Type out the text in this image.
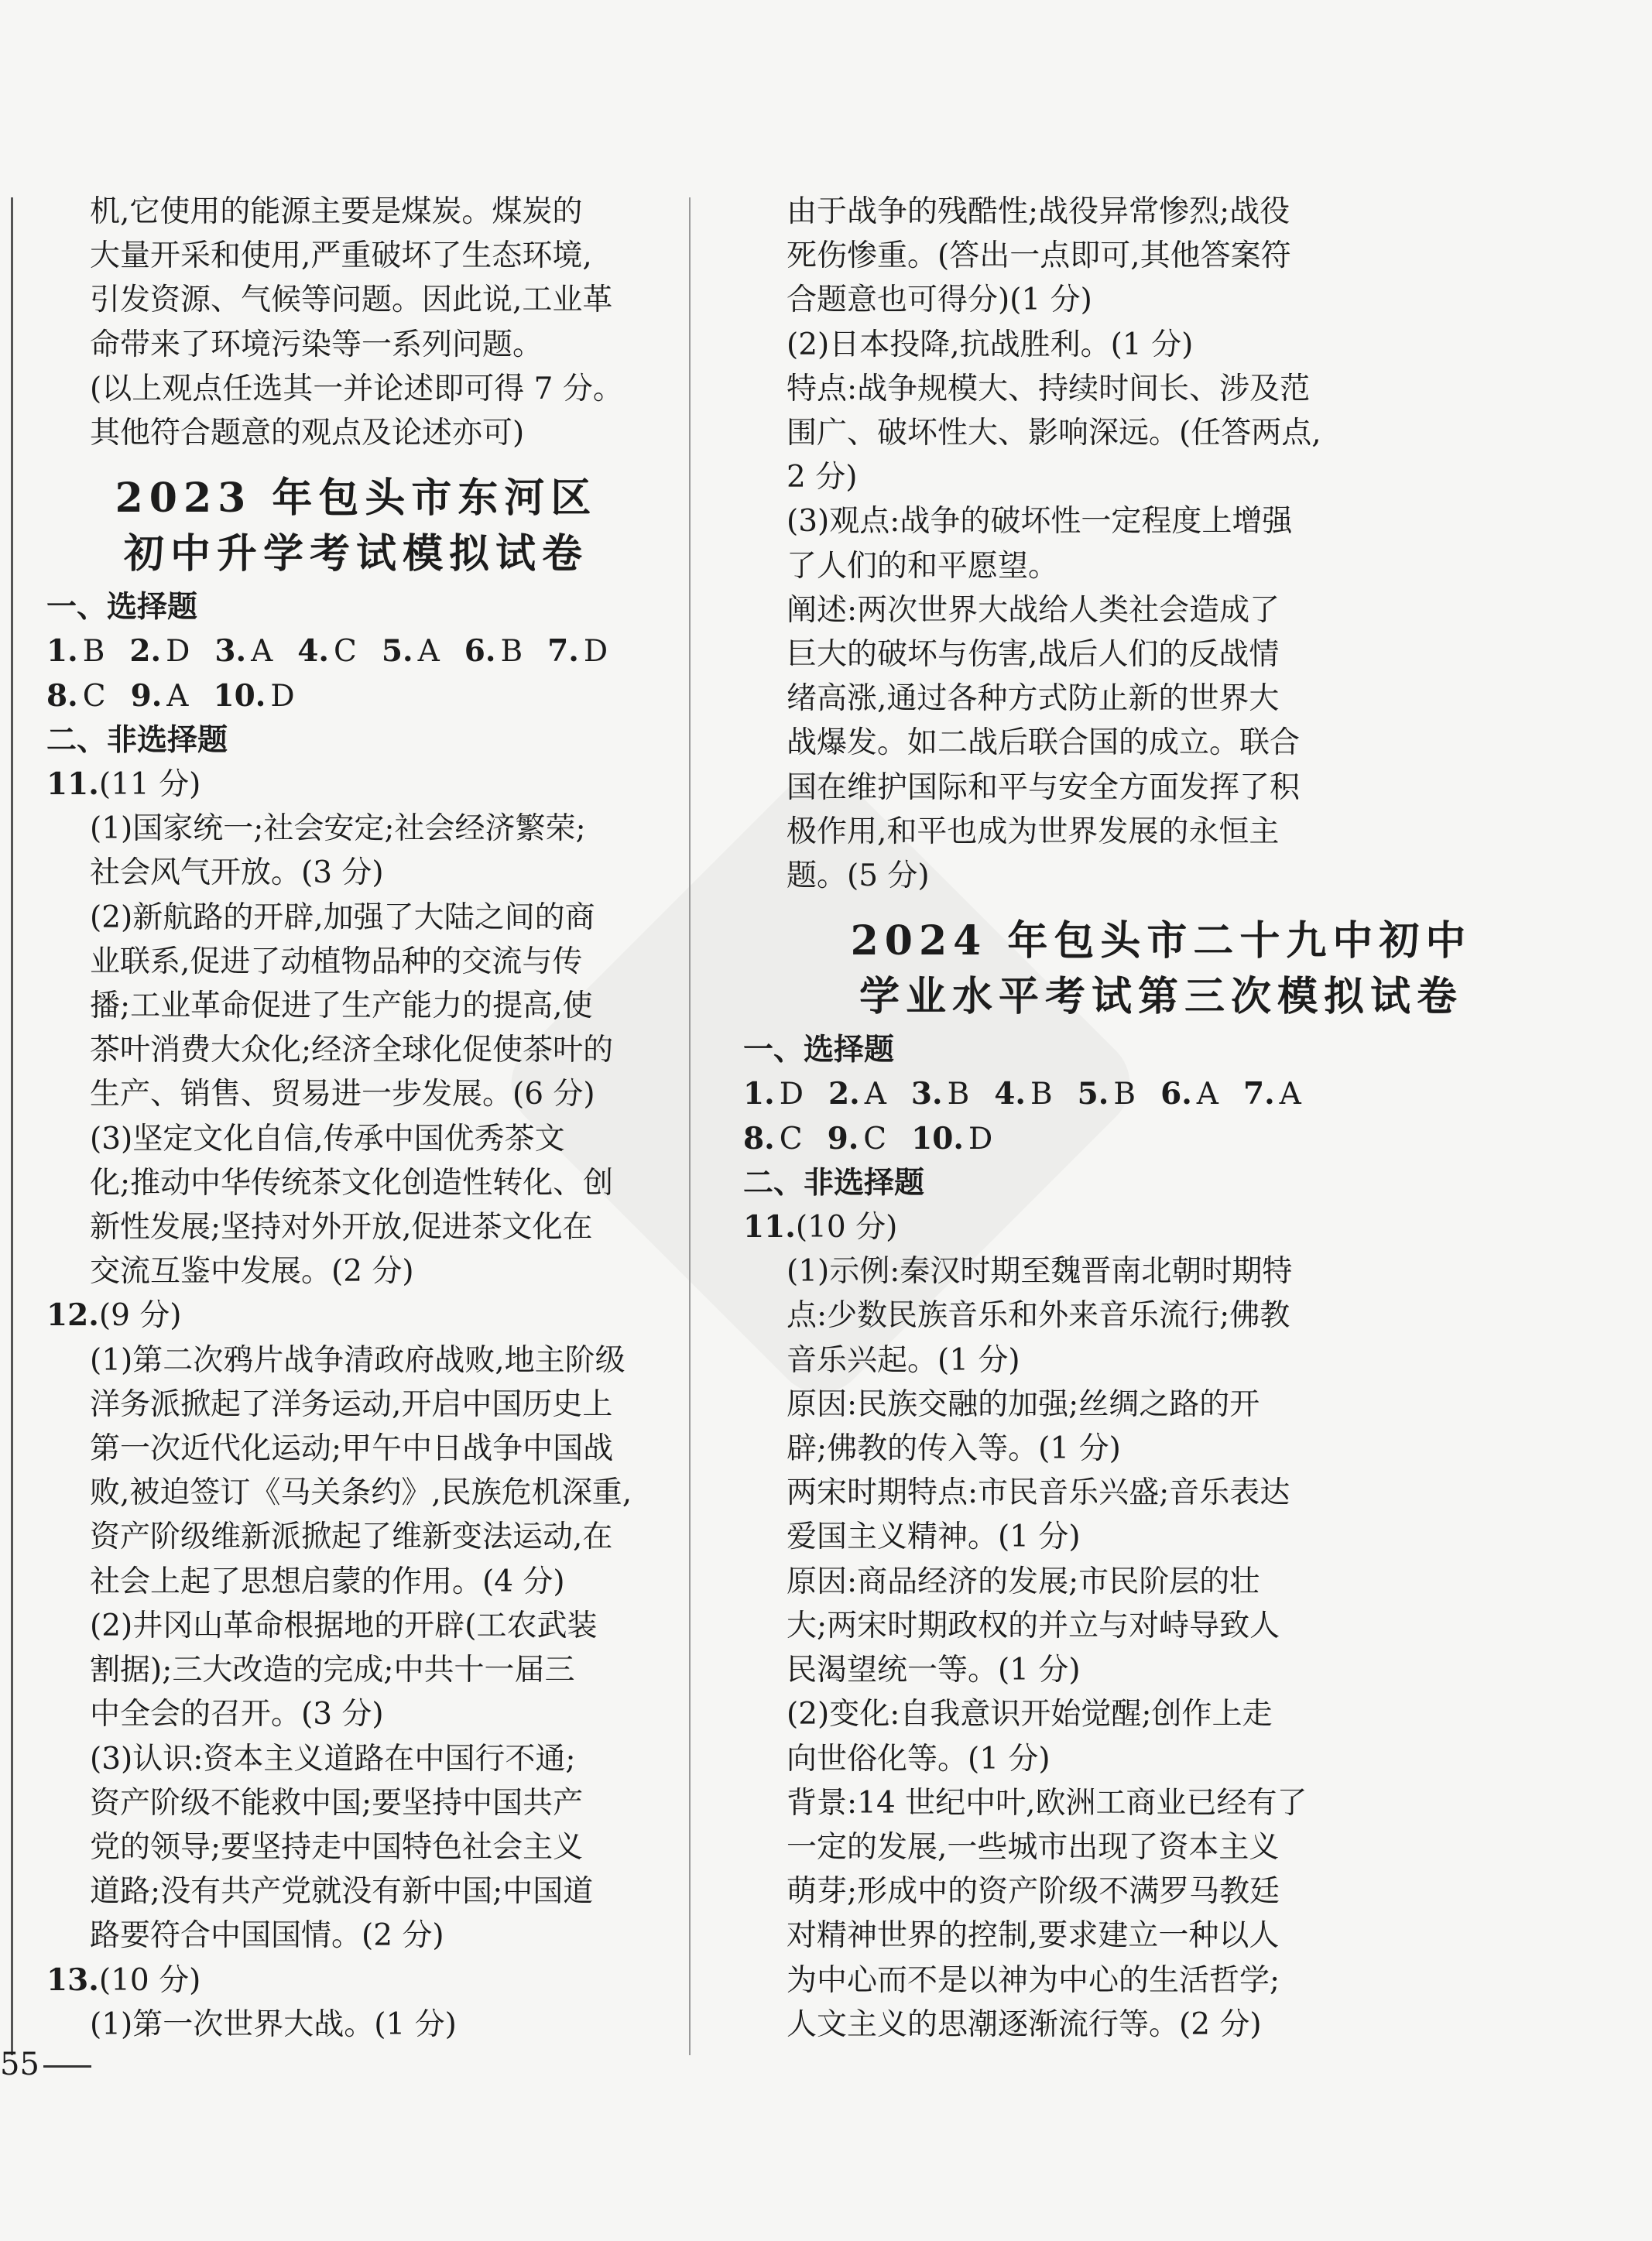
机,它使用的能源主要是煤炭。煤炭的
大量开采和使用,严重破坏了生态环境,
引发资源、气候等问题。因此说,工业革
命带来了环境污染等一系列问题。
(以上观点任选其一并论述即可得 7 分。
其他符合题意的观点及论述亦可)
2023 年包头市东河区
初中升学考试模拟试卷
一、选择题
1. B 2. D 3. A 4. C 5. A 6. B 7. D
8. C 9. A 10. D
二、非选择题
11.(11 分)
(1)国家统一;社会安定;社会经济繁荣;
社会风气开放。(3 分)
(2)新航路的开辟,加强了大陆之间的商
业联系,促进了动植物品种的交流与传
播;工业革命促进了生产能力的提高,使
茶叶消费大众化;经济全球化促使茶叶的
生产、销售、贸易进一步发展。(6 分)
(3)坚定文化自信,传承中国优秀茶文
化;推动中华传统茶文化创造性转化、创
新性发展;坚持对外开放,促进茶文化在
交流互鉴中发展。(2 分)
12.(9 分)
(1)第二次鸦片战争清政府战败,地主阶级
洋务派掀起了洋务运动,开启中国历史上
第一次近代化运动;甲午中日战争中国战
败,被迫签订《马关条约》,民族危机深重,
资产阶级维新派掀起了维新变法运动,在
社会上起了思想启蒙的作用。(4 分)
(2)井冈山革命根据地的开辟(工农武装
割据);三大改造的完成;中共十一届三
中全会的召开。(3 分)
(3)认识:资本主义道路在中国行不通;
资产阶级不能救中国;要坚持中国共产
党的领导;要坚持走中国特色社会主义
道路;没有共产党就没有新中国;中国道
路要符合中国国情。(2 分)
13.(10 分)
(1)第一次世界大战。(1 分)
由于战争的残酷性;战役异常惨烈;战役
死伤惨重。(答出一点即可,其他答案符
合题意也可得分)(1 分)
(2)日本投降,抗战胜利。(1 分)
特点:战争规模大、持续时间长、涉及范
围广、破坏性大、影响深远。(任答两点,
2 分)
(3)观点:战争的破坏性一定程度上增强
了人们的和平愿望。
阐述:两次世界大战给人类社会造成了
巨大的破坏与伤害,战后人们的反战情
绪高涨,通过各种方式防止新的世界大
战爆发。如二战后联合国的成立。联合
国在维护国际和平与安全方面发挥了积
极作用,和平也成为世界发展的永恒主
题。(5 分)
2024 年包头市二十九中初中
学业水平考试第三次模拟试卷
一、选择题
1. D 2. A 3. B 4. B 5. B 6. A 7. A
8. C 9. C 10. D
二、非选择题
11.(10 分)
(1)示例:秦汉时期至魏晋南北朝时期特
点:少数民族音乐和外来音乐流行;佛教
音乐兴起。(1 分)
原因:民族交融的加强;丝绸之路的开
辟;佛教的传入等。(1 分)
两宋时期特点:市民音乐兴盛;音乐表达
爱国主义精神。(1 分)
原因:商品经济的发展;市民阶层的壮
大;两宋时期政权的并立与对峙导致人
民渴望统一等。(1 分)
(2)变化:自我意识开始觉醒;创作上走
向世俗化等。(1 分)
背景:14 世纪中叶,欧洲工商业已经有了
一定的发展,一些城市出现了资本主义
萌芽;形成中的资产阶级不满罗马教廷
对精神世界的控制,要求建立一种以人
为中心而不是以神为中心的生活哲学;
人文主义的思潮逐渐流行等。(2 分)
55
